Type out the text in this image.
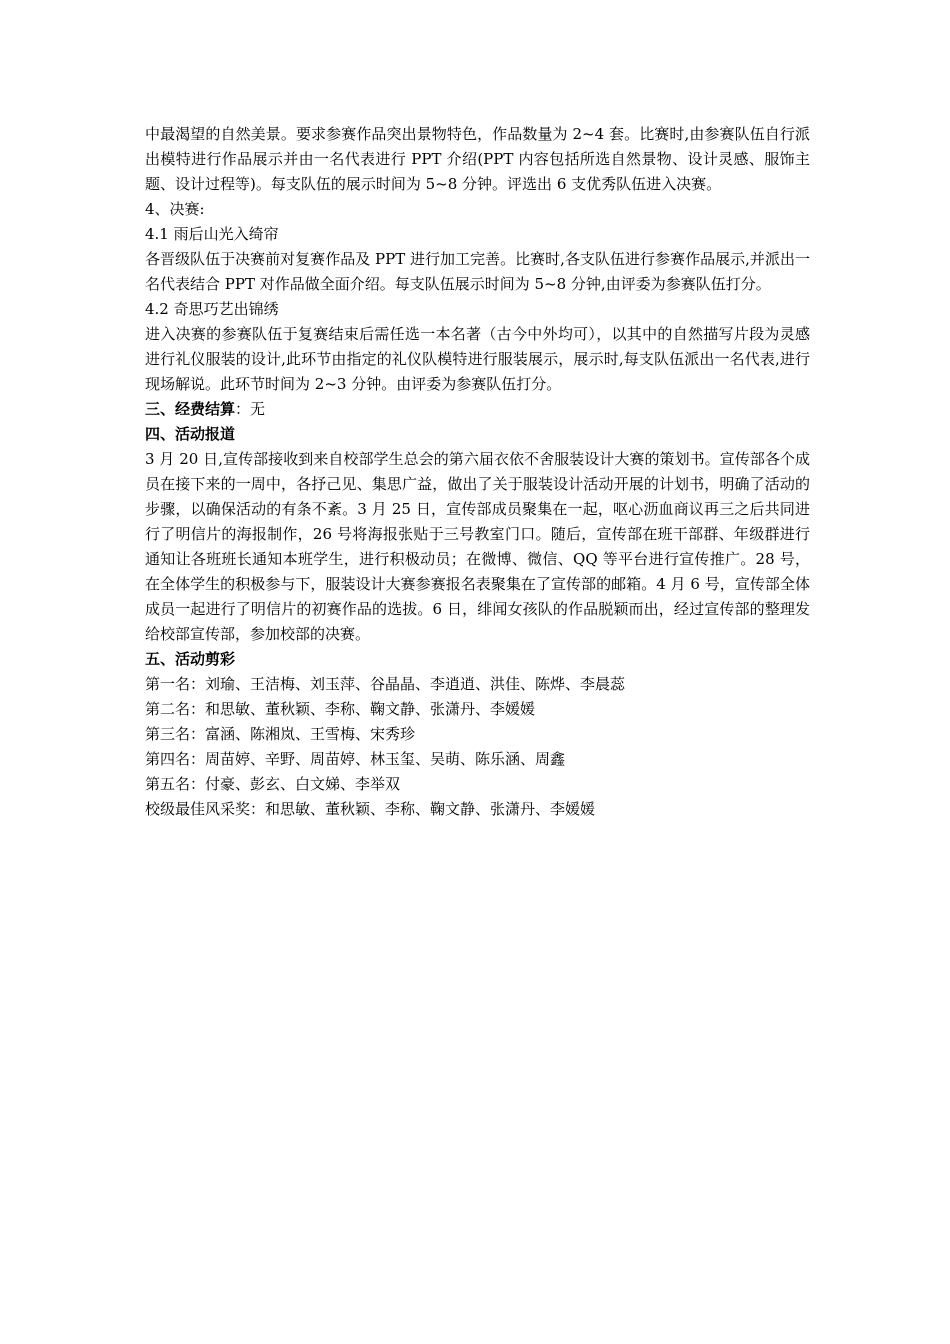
中最渴望的自然美景。要求参赛作品突出景物特色，作品数量为 2~4 套。比赛时,由参赛队伍自行派出模特进行作品展示并由一名代表进行 PPT 介绍(PPT 内容包括所选自然景物、设计灵感、服饰主题、设计过程等)。每支队伍的展示时间为 5~8 分钟。评选出 6 支优秀队伍进入决赛。

4、决赛:

4.1 雨后山光入绮帘

各晋级队伍于决赛前对复赛作品及 PPT 进行加工完善。比赛时,各支队伍进行参赛作品展示,并派出一名代表结合 PPT 对作品做全面介绍。每支队伍展示时间为 5~8 分钟,由评委为参赛队伍打分。

4.2 奇思巧艺出锦绣

进入决赛的参赛队伍于复赛结束后需任选一本名著（古今中外均可），以其中的自然描写片段为灵感进行礼仪服装的设计,此环节由指定的礼仪队模特进行服装展示，展示时,每支队伍派出一名代表,进行现场解说。此环节时间为 2~3 分钟。由评委为参赛队伍打分。

三、经费结算：无

四、活动报道

3 月 20 日,宣传部接收到来自校部学生总会的第六届衣依不舍服装设计大赛的策划书。宣传部各个成员在接下来的一周中，各抒己见、集思广益，做出了关于服装设计活动开展的计划书，明确了活动的步骤，以确保活动的有条不紊。3 月 25 日，宣传部成员聚集在一起，呕心沥血商议再三之后共同进行了明信片的海报制作，26 号将海报张贴于三号教室门口。随后，宣传部在班干部群、年级群进行通知让各班班长通知本班学生，进行积极动员；在微博、微信、QQ 等平台进行宣传推广。28 号，在全体学生的积极参与下，服装设计大赛参赛报名表聚集在了宣传部的邮箱。4 月 6 号，宣传部全体成员一起进行了明信片的初赛作品的选拔。6 日，绯闻女孩队的作品脱颖而出，经过宣传部的整理发给校部宣传部，参加校部的决赛。

五、活动剪彩

第一名：刘瑜、王洁梅、刘玉萍、谷晶晶、李逍逍、洪佳、陈烨、李晨蕊

第二名：和思敏、董秋颖、李称、鞠文静、张潇丹、李媛媛

第三名：富涵、陈湘岚、王雪梅、宋秀珍

第四名：周苗婷、辛野、周苗婷、林玉玺、吴萌、陈乐涵、周鑫

第五名：付豪、彭玄、白文娣、李举双

校级最佳风采奖：和思敏、董秋颖、李称、鞠文静、张潇丹、李媛媛
